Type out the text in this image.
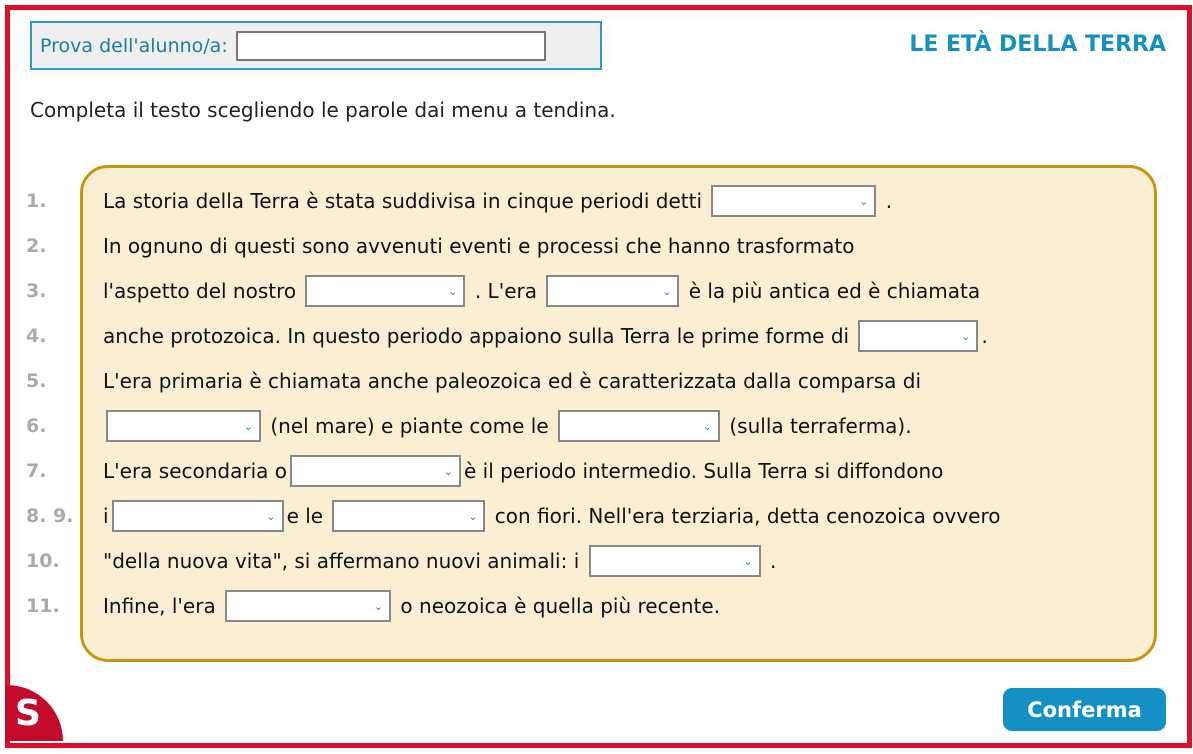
Prova dell'alunno/a:	LE ETÀ DELLA TERRA
Completa il testo scegliendo le parole dai menu a tendina.
1.	La storia della Terra è stata suddivisa in cinque periodi detti	⌄ .
2.	In ognuno di questi sono avvenuti eventi e processi che hanno trasformato
3.	l'aspetto del nostro	⌄ . L'era	⌄ è la più antica ed è chiamata
4.	anche protozoica. In questo periodo appaiono sulla Terra le prime forme di	⌄ .
5.	L'era primaria è chiamata anche paleozoica ed è caratterizzata dalla comparsa di
6.	⌄ (nel mare) e piante come le	⌄ (sulla terraferma).
7.	L'era secondaria o	⌄ è il periodo intermedio. Sulla Terra si diffondono
8. 9. i	⌄ e le	⌄ con fiori. Nell'era terziaria, detta cenozoica ovvero
10. "della nuova vita", si affermano nuovi animali: i	⌄ .
11. Infine, l'era	⌄ o neozoica è quella più recente.
S	Conferma
